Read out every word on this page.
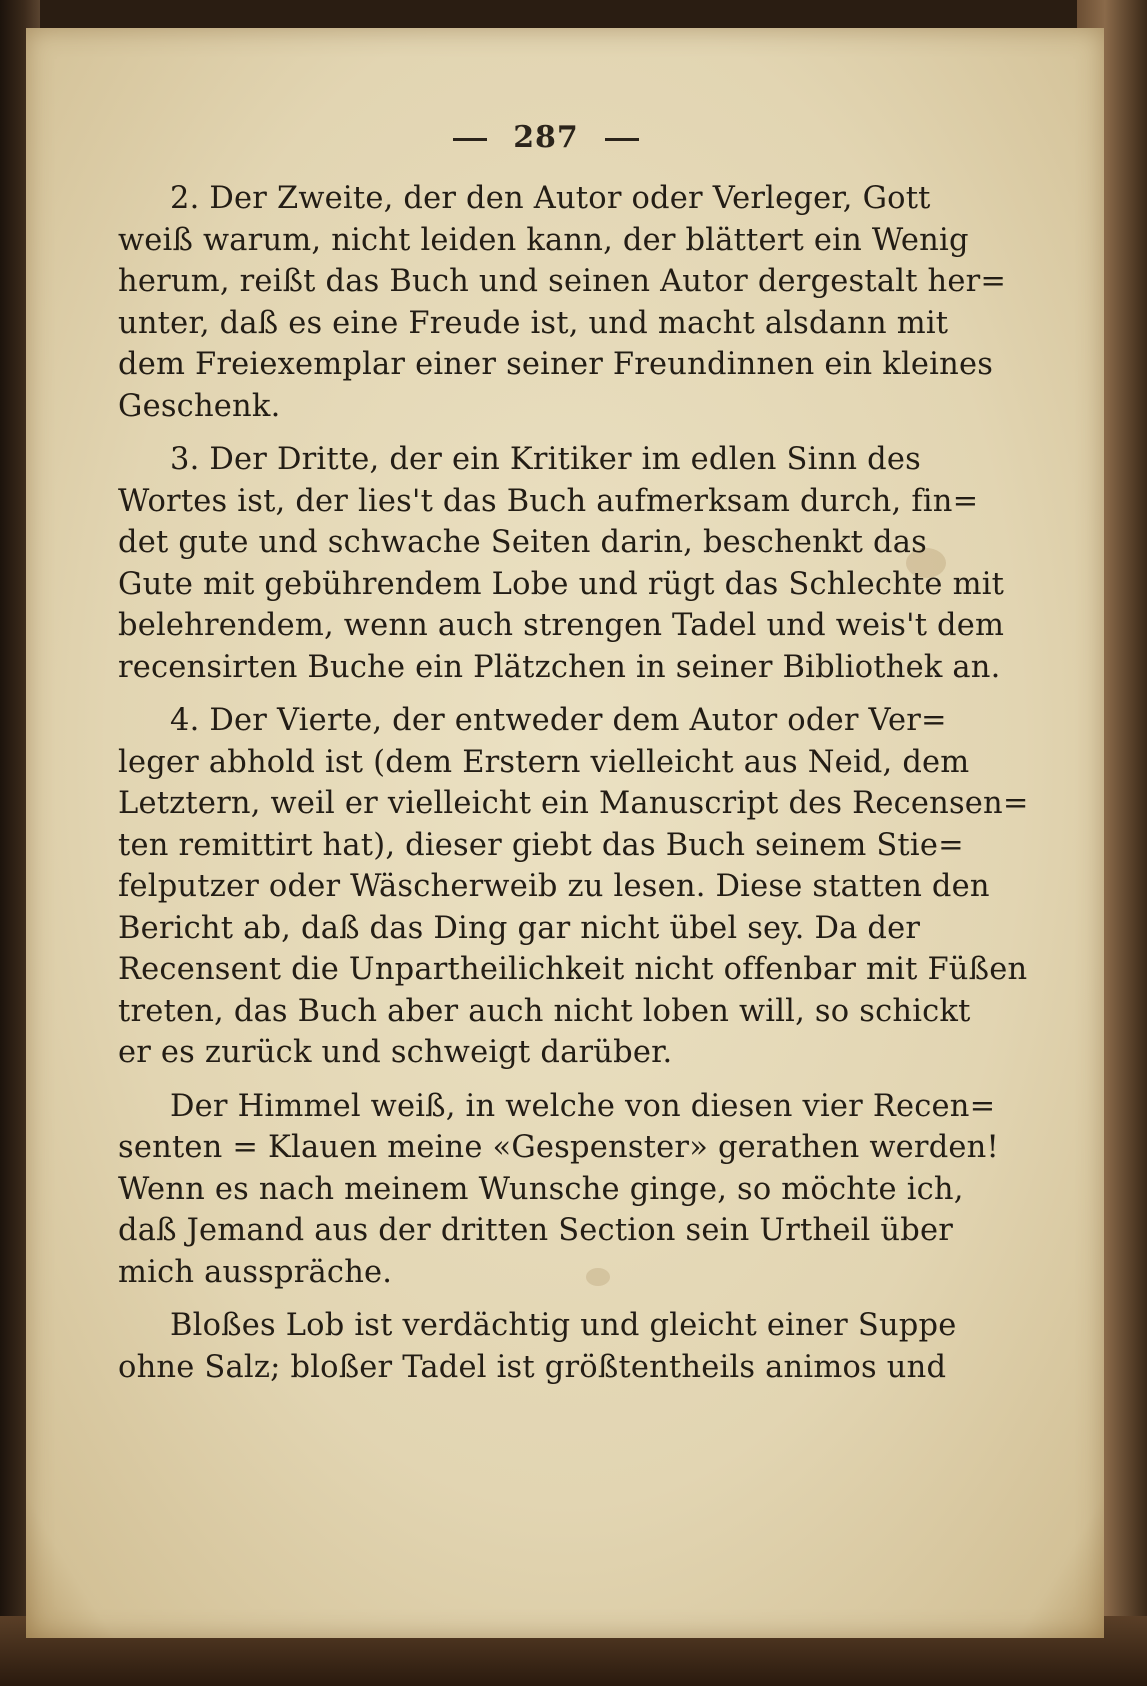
287
2. Der Zweite, der den Autor oder Verleger, Gott
weiß warum, nicht leiden kann, der blättert ein Wenig
herum, reißt das Buch und seinen Autor dergestalt her=
unter, daß es eine Freude ist, und macht alsdann mit
dem Freiexemplar einer seiner Freundinnen ein kleines
Geschenk.
3. Der Dritte, der ein Kritiker im edlen Sinn des
Wortes ist, der lies't das Buch aufmerksam durch, fin=
det gute und schwache Seiten darin, beschenkt das
Gute mit gebührendem Lobe und rügt das Schlechte mit
belehrendem, wenn auch strengen Tadel und weis't dem
recensirten Buche ein Plätzchen in seiner Bibliothek an.
4. Der Vierte, der entweder dem Autor oder Ver=
leger abhold ist (dem Erstern vielleicht aus Neid, dem
Letztern, weil er vielleicht ein Manuscript des Recensen=
ten remittirt hat), dieser giebt das Buch seinem Stie=
felputzer oder Wäscherweib zu lesen. Diese statten den
Bericht ab, daß das Ding gar nicht übel sey. Da der
Recensent die Unpartheilichkeit nicht offenbar mit Füßen
treten, das Buch aber auch nicht loben will, so schickt
er es zurück und schweigt darüber.
Der Himmel weiß, in welche von diesen vier Recen=
senten = Klauen meine «Gespenster» gerathen werden!
Wenn es nach meinem Wunsche ginge, so möchte ich,
daß Jemand aus der dritten Section sein Urtheil über
mich ausspräche.
Bloßes Lob ist verdächtig und gleicht einer Suppe
ohne Salz; bloßer Tadel ist größtentheils animos und
